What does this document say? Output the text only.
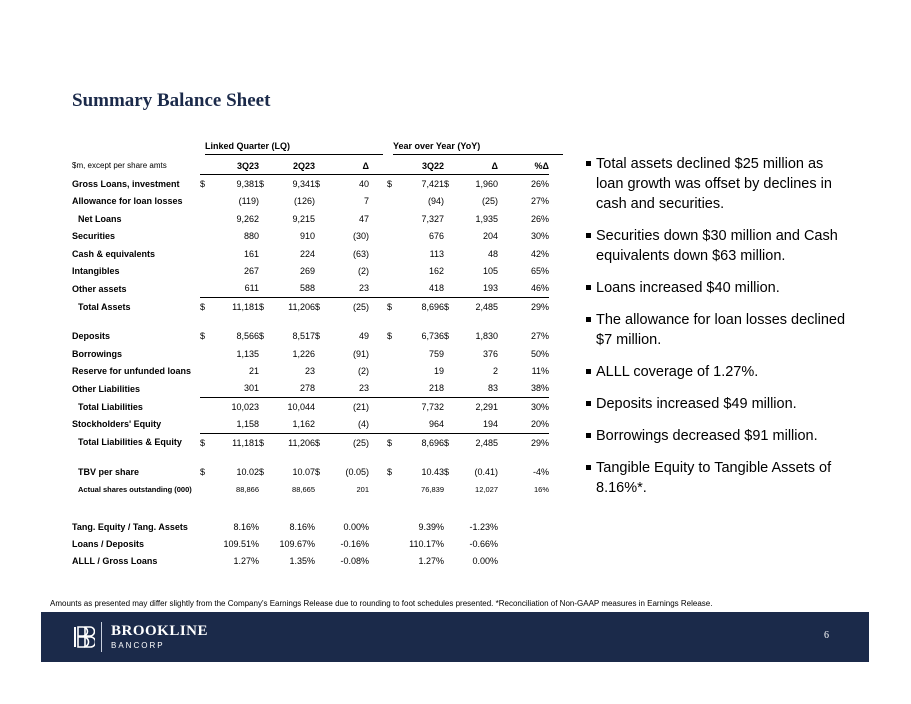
Summary Balance Sheet
Linked Quarter (LQ)	Year over Year (YoY)
$m, except per share amts		3Q23		2Q23		Δ			3Q22		Δ	%Δ
Gross Loans, investment	$	9,381	$	9,341	$	40		$	7,421	$	1,960	26%
Allowance for loan losses		(119)		(126)		7			(94)		(25)	27%
Net Loans		9,262		9,215		47			7,327		1,935	26%
Securities		880		910		(30)			676		204	30%
Cash & equivalents		161		224		(63)			113		48	42%
Intangibles		267		269		(2)			162		105	65%
Other assets		611		588		23			418		193	46%
Total Assets	$	11,181	$	11,206	$	(25)		$	8,696	$	2,485	29%

Deposits	$	8,566	$	8,517	$	49		$	6,736	$	1,830	27%
Borrowings		1,135		1,226		(91)			759		376	50%
Reserve for unfunded loans		21		23		(2)			19		2	11%
Other Liabilities		301		278		23			218		83	38%
Total Liabilities		10,023		10,044		(21)			7,732		2,291	30%
Stockholders' Equity		1,158		1,162		(4)			964		194	20%
Total Liabilities & Equity	$	11,181	$	11,206	$	(25)		$	8,696	$	2,485	29%

TBV per share	$	10.02	$	10.07	$	(0.05)		$	10.43	$	(0.41)	-4%
Actual shares outstanding (000)		88,866		88,665		201			76,839		12,027	16%
Tang. Equity / Tang. Assets	8.16%	8.16%	0.00%		9.39%	-1.23%
Loans / Deposits	109.51%	109.67%	-0.16%		110.17%	-0.66%
ALLL / Gross Loans	1.27%	1.35%	-0.08%		1.27%	0.00%
Total assets declined $25 million as loan growth was offset by declines in cash and securities.
Securities down $30 million and Cash equivalents down $63 million.
Loans increased $40 million.
The allowance for loan losses declined $7 million.
ALLL coverage of 1.27%.
Deposits increased $49 million.
Borrowings decreased $91 million.
Tangible Equity to Tangible Assets of 8.16%*.
Amounts as presented may differ slightly from the Company's Earnings Release due to rounding to foot schedules presented. *Reconciliation of Non-GAAP measures in Earnings Release.
BROOKLINE
BANCORP
6
